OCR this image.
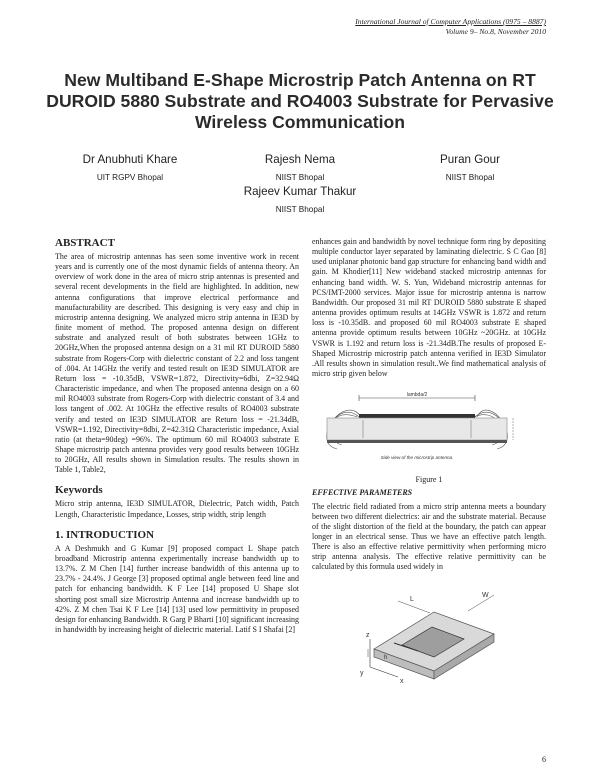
International Journal of Computer Applications (0975 – 8887)
Volume 9– No.8, November 2010
New Multiband E-Shape Microstrip Patch Antenna on RT DUROID 5880 Substrate and RO4003 Substrate for Pervasive Wireless Communication
Dr Anubhuti Khare
UIT RGPV Bhopal
Rajesh Nema
NIIST Bhopal
Puran Gour
NIIST Bhopal
Rajeev Kumar Thakur
NIIST Bhopal
ABSTRACT

The area of microstrip antennas has seen some inventive work in recent years and is currently one of the most dynamic fields of antenna theory. An overview of work done in the area of micro strip antennas is presented and several recent developments in the field are highlighted. In addition, new antenna configurations that improve electrical performance and manufacturability are described. This designing is very easy and chip in microstrip antenna designing. We analyzed micro strip antenna in IE3D by finite moment of method. The proposed antenna design on different substrate and analyzed result of both substrates between 1GHz to 20GHz,When the proposed antenna design on a 31 mil RT DUROID 5880 substrate from Rogers-Corp with dielectric constant of 2.2 and loss tangent of .004. At 14GHz the verify and tested result on IE3D SIMULATOR are Return loss = -10.35dB, VSWR=1.872, Directivity=6dbi, Z=32.94Ω Characteristic impedance, and when The proposed antenna design on a 60 mil RO4003 substrate from Rogers-Corp with dielectric constant of 3.4 and loss tangent of .002. At 10GHz the effective results of RO4003 substrate verify and tested on IE3D SIMULATOR are Return loss = -21.34dB, VSWR=1.192, Directivity=8dbi, Z=42.31Ω Characteristic impedance, Axial ratio (at theta=90deg) =96%. The optimum 60 mil RO4003 substrate E Shape microstrip patch antenna provides very good results between 10GHz to 20GHz, All results shown in Simulation results. The results shown in Table 1, Table2,

Keywords

Micro strip antenna, IE3D SIMULATOR, Dielectric, Patch width, Patch Length, Characteristic Impedance, Losses, strip width, strip length

1. INTRODUCTION

A A Deshmukh and G Kumar [9] proposed compact L Shape patch broadband Microstrip antenna experimentally increase bandwidth up to 13.7%. Z M Chen [14] further increase bandwidth of this antenna up to 23.7% - 24.4%. J George [3] proposed optimal angle between feed line and patch for enhancing bandwidth. K F Lee [14] proposed U Shape slot shorting post small size Microstrip Antenna and increase bandwidth up to 42%. Z M chen Tsai K F Lee [14] [13] used low permittivity in proposed design for enhancing Bandwidth. R Garg P Bharti [10] significant increasing in handwidth by increasing height of dielectric material. Latif S I Shafai [2]

enhances gain and bandwidth by novel technique form ring by depositing multiple conductor layer separated by laminating dielectric. S C Gao [8] used uniplanar photonic band gap structure for enhancing band width and gain. M Khodier[11] New wideband stacked microstrip antennas for enhancing band width. W. S. Yun, Wideband microstrip antennas for PCS/IMT-2000 services. Major issue for microstrip antenna is narrow Bandwidth. Our proposed 31 mil RT DUROID 5880 substrate E shaped antenna provides optimum results at 14GHz VSWR is 1.872 and return loss is -10.35dB. and proposed 60 mil RO4003 substrate E shaped antenna provide optimum results between 10GHz ~20GHz. at 10GHz VSWR is 1.192 and return loss is -21.34dB.The results of proposed E-Shaped Microstrip microstrip patch antenna verified in IE3D Simulator .All results shown in simulation result..We find mathematical analysis of micro strip given below

lambda/2
Side view of the microstrip antenna.
Figure 1
EFFECTIVE PARAMETERS

The electric field radiated from a micro strip antenna meets a boundary between two different dielectrics: air and the substrate material. Because of the slight distortion of the field at the boundary, the patch can appear longer in an electrical sense. Thus we have an effective patch length. There is also an effective relative permittivity when performing micro strip antenna analysis. The effective relative permittivity can be calculated by this formula used widely in

y
x
z
L
W
h
6
